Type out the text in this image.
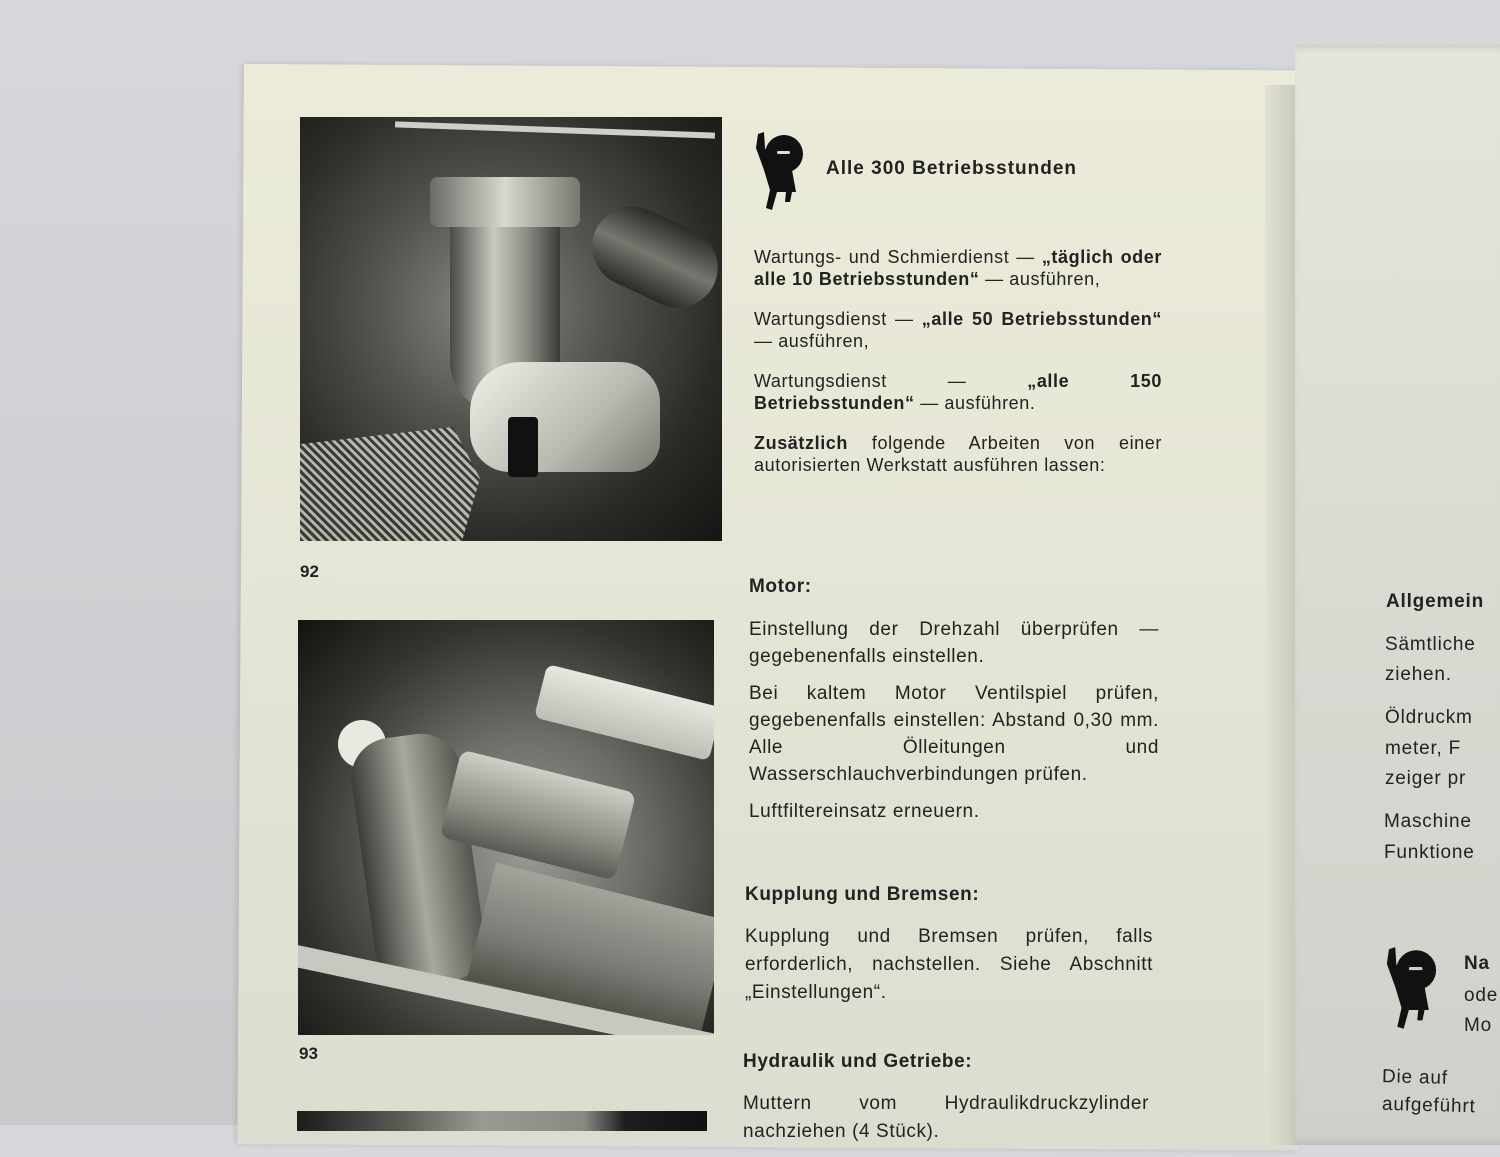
92
93

Alle 300 Betriebsstunden

Wartungs- und Schmierdienst — „täglich oder alle 10 Betriebsstunden“ — ausführen,

Wartungsdienst — „alle 50 Betriebsstunden“ — ausführen,

Wartungsdienst — „alle 150 Betriebsstunden“ — ausführen.

Zusätzlich folgende Arbeiten von einer autorisierten Werkstatt ausführen lassen:

Motor:

Einstellung der Drehzahl überprüfen — gegebenenfalls einstellen.

Bei kaltem Motor Ventilspiel prüfen, gegebenenfalls einstellen: Abstand 0,30 mm. Alle Ölleitungen und Wasserschlauchverbindungen prüfen.

Luftfiltereinsatz erneuern.

Kupplung und Bremsen:

Kupplung und Bremsen prüfen, falls erforderlich, nachstellen. Siehe Abschnitt „Einstellungen“.

Hydraulik und Getriebe:

Muttern vom Hydraulikdruckzylinder nachziehen (4 Stück).

Allgemein
Sämtliche
ziehen.
Öldruckm
meter, F
zeiger pr
Maschine
Funktione
Na
ode
Mo
Die auf
aufgeführt
